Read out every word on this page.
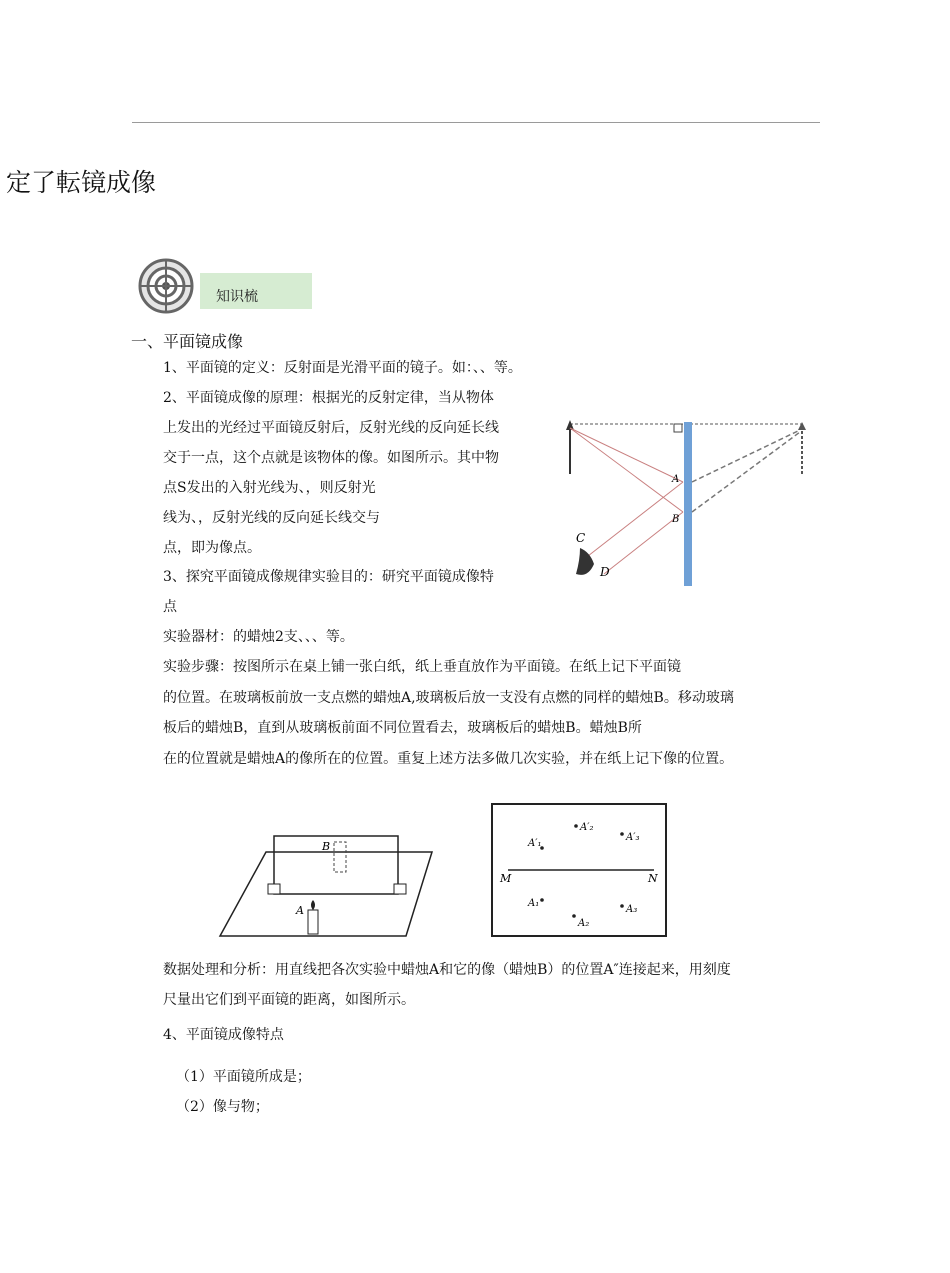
定了転镜成像
知识梳
一、平面镜成像
1、平面镜的定义：反射面是光滑平面的镜子。如：、、等。
2、平面镜成像的原理：根据光的反射定律，当从物体
上发出的光经过平面镜反射后，反射光线的反向延长线
交于一点，这个点就是该物体的像。如图所示。其中物
点S发出的入射光线为、，则反射光
线为、，反射光线的反向延长线交与
点，即为像点。
3、探究平面镜成像规律实验目的：研究平面镜成像特
点
实验器材：的蜡烛2支、、、等。
实验步骤：按图所示在桌上铺一张白纸，纸上垂直放作为平面镜。在纸上记下平面镜
的位置。在玻璃板前放一支点燃的蜡烛A,玻璃板后放一支没有点燃的同样的蜡烛B。移动玻璃
板后的蜡烛B，直到从玻璃板前面不同位置看去，玻璃板后的蜡烛B。蜡烛B所
在的位置就是蜡烛A的像所在的位置。重复上述方法多做几次实验，并在纸上记下像的位置。
A
B
C
D
B
A
M	N
A′₁
A′₂
A′₃
A₁
A₂
A₃
数据处理和分析：用直线把各次实验中蜡烛A和它的像（蜡烛B）的位置A″连接起来，用刻度
尺量出它们到平面镜的距离，如图所示。
4、平面镜成像特点
（1）平面镜所成是；
（2）像与物；
